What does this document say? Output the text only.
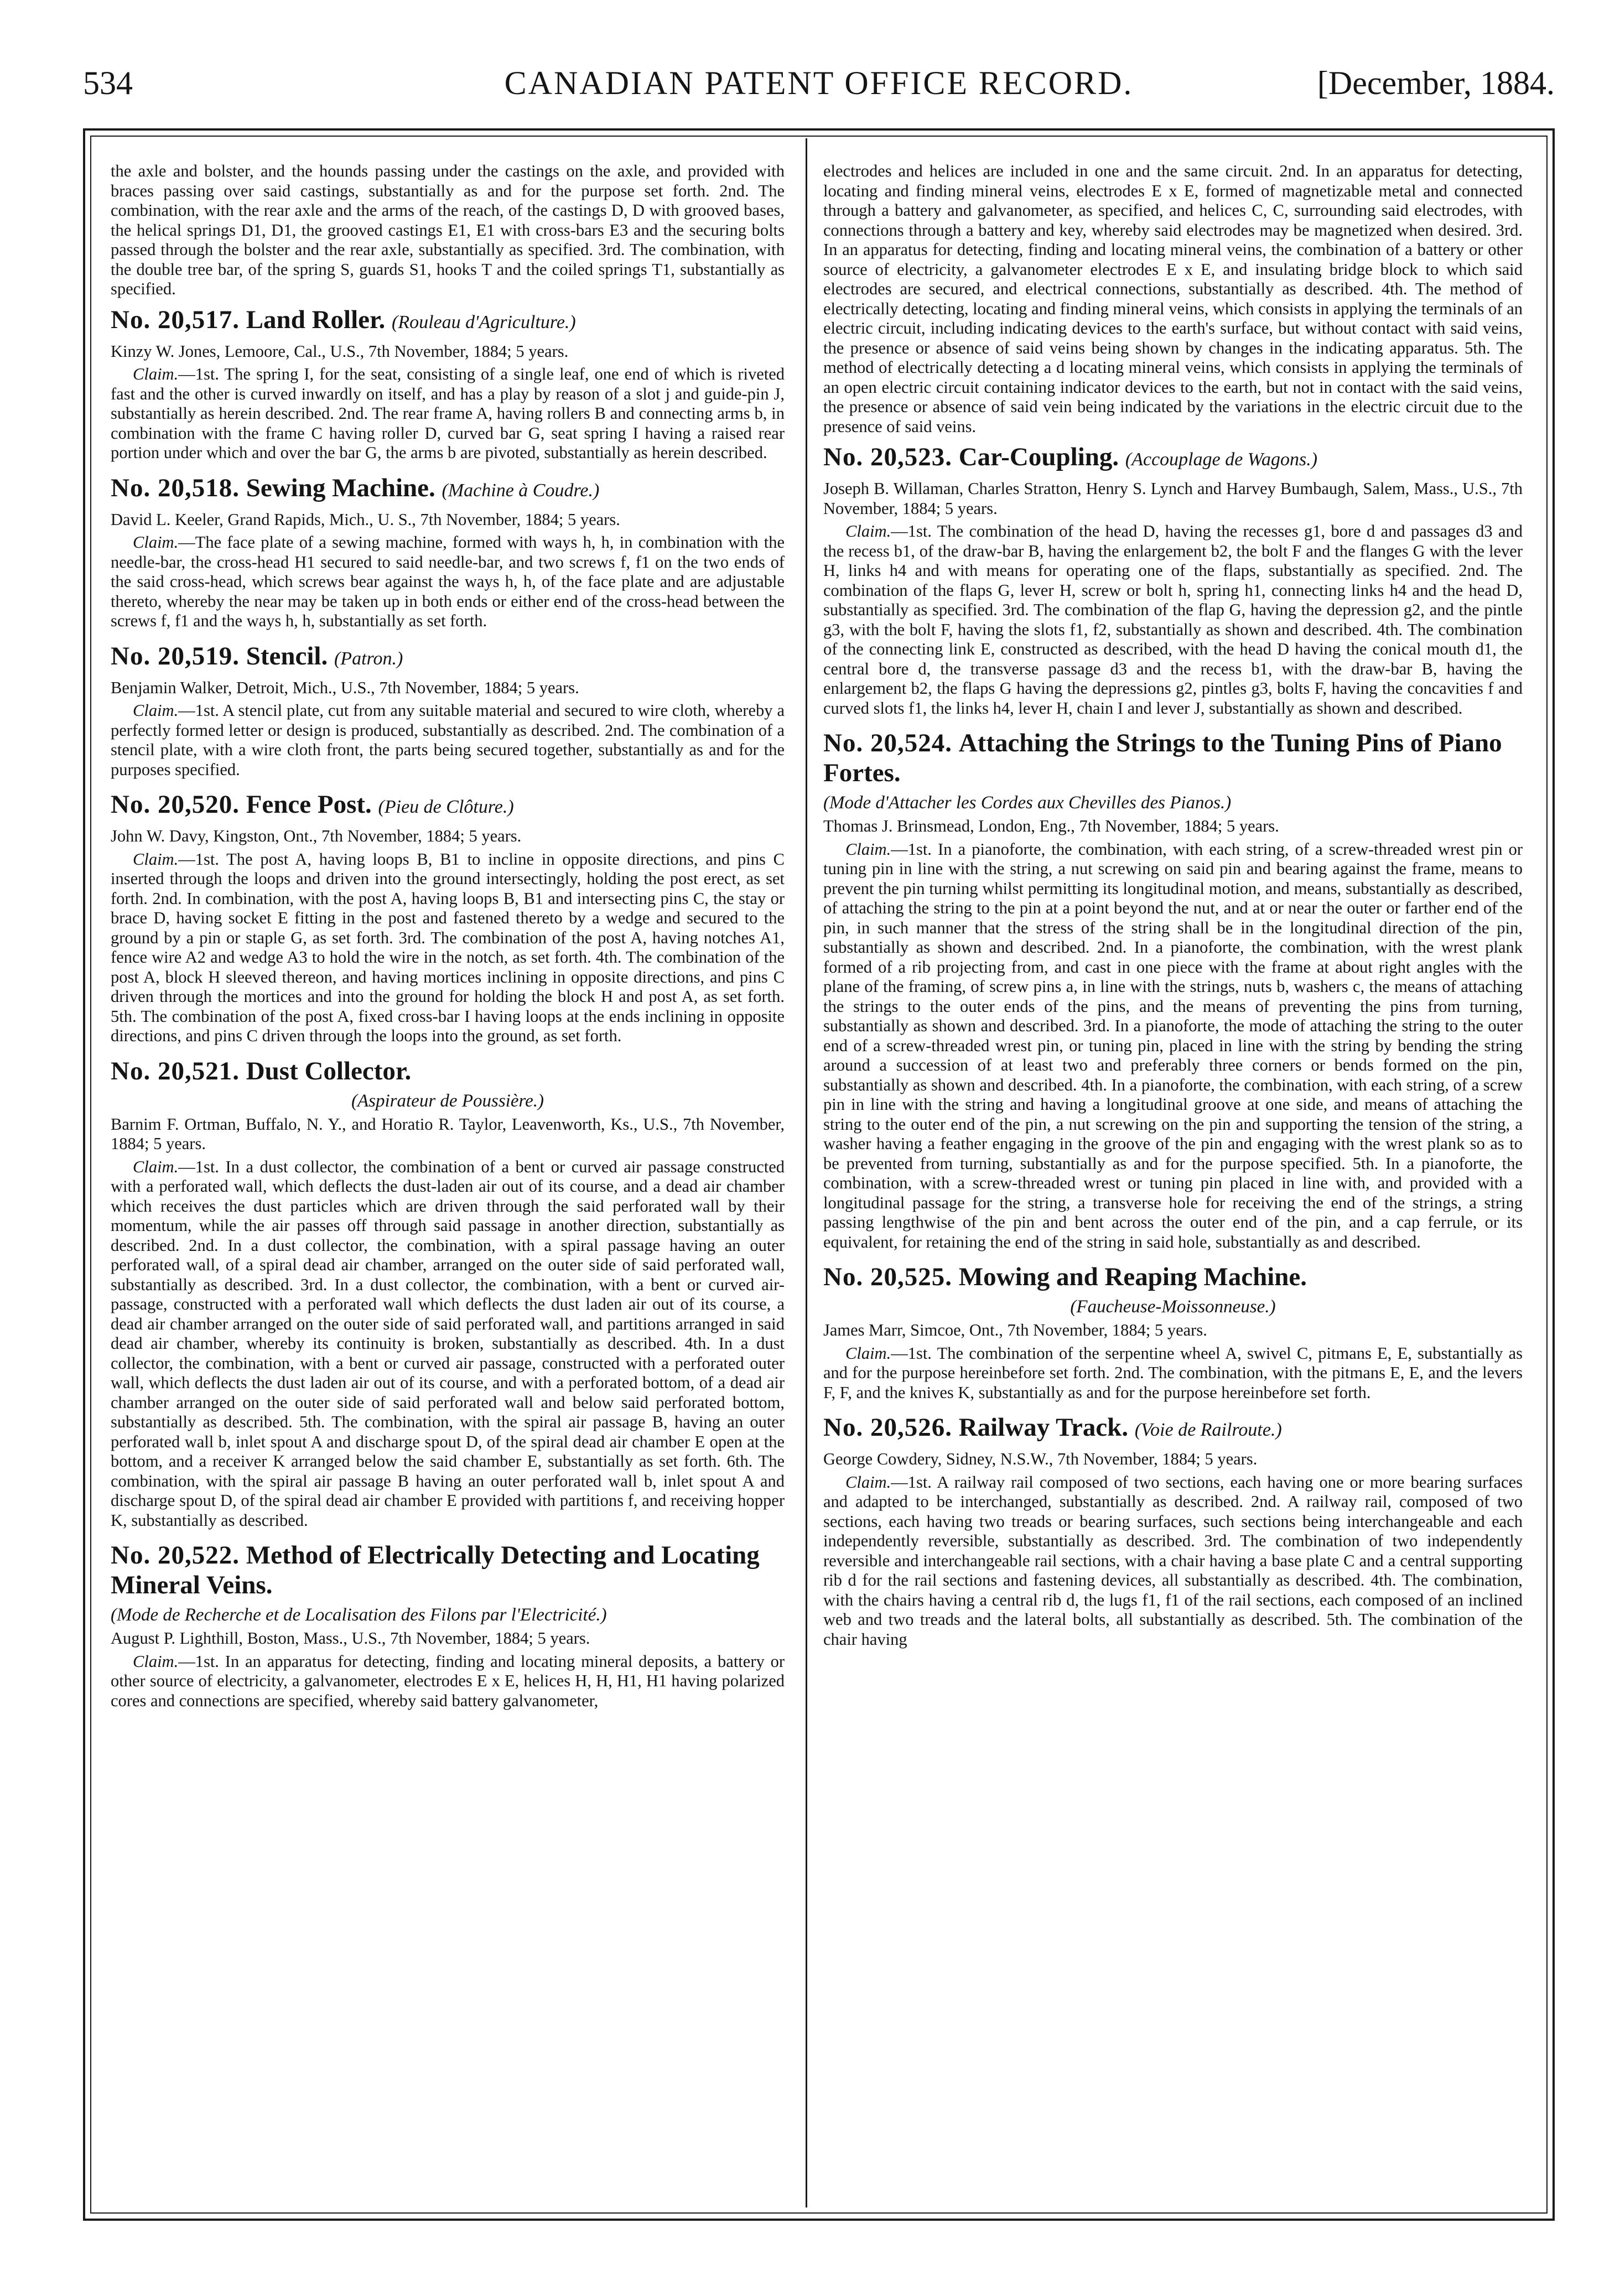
534	CANADIAN PATENT OFFICE RECORD.	[December, 1884.

the axle and bolster, and the hounds passing under the castings on the axle, and provided with braces passing over said castings, substantially as and for the purpose set forth. 2nd. The combination, with the rear axle and the arms of the reach, of the castings D, D with grooved bases, the helical springs D1, D1, the grooved castings E1, E1 with cross-bars E3 and the securing bolts passed through the bolster and the rear axle, substantially as specified. 3rd. The combination, with the double tree bar, of the spring S, guards S1, hooks T and the coiled springs T1, substantially as specified.

No. 20,517. Land Roller. (Rouleau d'Agriculture.)

Kinzy W. Jones, Lemoore, Cal., U.S., 7th November, 1884; 5 years.

Claim.—1st. The spring I, for the seat, consisting of a single leaf, one end of which is riveted fast and the other is curved inwardly on itself, and has a play by reason of a slot j and guide-pin J, substantially as herein described. 2nd. The rear frame A, having rollers B and connecting arms b, in combination with the frame C having roller D, curved bar G, seat spring I having a raised rear portion under which and over the bar G, the arms b are pivoted, substantially as herein described.

No. 20,518. Sewing Machine. (Machine à Coudre.)

David L. Keeler, Grand Rapids, Mich., U. S., 7th November, 1884; 5 years.

Claim.—The face plate of a sewing machine, formed with ways h, h, in combination with the needle-bar, the cross-head H1 secured to said needle-bar, and two screws f, f1 on the two ends of the said cross-head, which screws bear against the ways h, h, of the face plate and are adjustable thereto, whereby the near may be taken up in both ends or either end of the cross-head between the screws f, f1 and the ways h, h, substantially as set forth.

No. 20,519. Stencil. (Patron.)

Benjamin Walker, Detroit, Mich., U.S., 7th November, 1884; 5 years.

Claim.—1st. A stencil plate, cut from any suitable material and secured to wire cloth, whereby a perfectly formed letter or design is produced, substantially as described. 2nd. The combination of a stencil plate, with a wire cloth front, the parts being secured together, substantially as and for the purposes specified.

No. 20,520. Fence Post. (Pieu de Clôture.)

John W. Davy, Kingston, Ont., 7th November, 1884; 5 years.

Claim.—1st. The post A, having loops B, B1 to incline in opposite directions, and pins C inserted through the loops and driven into the ground intersectingly, holding the post erect, as set forth. 2nd. In combination, with the post A, having loops B, B1 and intersecting pins C, the stay or brace D, having socket E fitting in the post and fastened thereto by a wedge and secured to the ground by a pin or staple G, as set forth. 3rd. The combination of the post A, having notches A1, fence wire A2 and wedge A3 to hold the wire in the notch, as set forth. 4th. The combination of the post A, block H sleeved thereon, and having mortices inclining in opposite directions, and pins C driven through the mortices and into the ground for holding the block H and post A, as set forth. 5th. The combination of the post A, fixed cross-bar I having loops at the ends inclining in opposite directions, and pins C driven through the loops into the ground, as set forth.

No. 20,521. Dust Collector.

(Aspirateur de Poussière.)

Barnim F. Ortman, Buffalo, N. Y., and Horatio R. Taylor, Leavenworth, Ks., U.S., 7th November, 1884; 5 years.

Claim.—1st. In a dust collector, the combination of a bent or curved air passage constructed with a perforated wall, which deflects the dust-laden air out of its course, and a dead air chamber which receives the dust particles which are driven through the said perforated wall by their momentum, while the air passes off through said passage in another direction, substantially as described. 2nd. In a dust collector, the combination, with a spiral passage having an outer perforated wall, of a spiral dead air chamber, arranged on the outer side of said perforated wall, substantially as described. 3rd. In a dust collector, the combination, with a bent or curved air-passage, constructed with a perforated wall which deflects the dust laden air out of its course, a dead air chamber arranged on the outer side of said perforated wall, and partitions arranged in said dead air chamber, whereby its continuity is broken, substantially as described. 4th. In a dust collector, the combination, with a bent or curved air passage, constructed with a perforated outer wall, which deflects the dust laden air out of its course, and with a perforated bottom, of a dead air chamber arranged on the outer side of said perforated wall and below said perforated bottom, substantially as described. 5th. The combination, with the spiral air passage B, having an outer perforated wall b, inlet spout A and discharge spout D, of the spiral dead air chamber E open at the bottom, and a receiver K arranged below the said chamber E, substantially as set forth. 6th. The combination, with the spiral air passage B having an outer perforated wall b, inlet spout A and discharge spout D, of the spiral dead air chamber E provided with partitions f, and receiving hopper K, substantially as described.

No. 20,522. Method of Electrically Detecting and Locating Mineral Veins.

(Mode de Recherche et de Localisation des Filons par l'Electricité.)

August P. Lighthill, Boston, Mass., U.S., 7th November, 1884; 5 years.

Claim.—1st. In an apparatus for detecting, finding and locating mineral deposits, a battery or other source of electricity, a galvanometer, electrodes E x E, helices H, H, H1, H1 having polarized cores and connections are specified, whereby said battery galvanometer,

electrodes and helices are included in one and the same circuit. 2nd. In an apparatus for detecting, locating and finding mineral veins, electrodes E x E, formed of magnetizable metal and connected through a battery and galvanometer, as specified, and helices C, C, surrounding said electrodes, with connections through a battery and key, whereby said electrodes may be magnetized when desired. 3rd. In an apparatus for detecting, finding and locating mineral veins, the combination of a battery or other source of electricity, a galvanometer electrodes E x E, and insulating bridge block to which said electrodes are secured, and electrical connections, substantially as described. 4th. The method of electrically detecting, locating and finding mineral veins, which consists in applying the terminals of an electric circuit, including indicating devices to the earth's surface, but without contact with said veins, the presence or absence of said veins being shown by changes in the indicating apparatus. 5th. The method of electrically detecting a d locating mineral veins, which consists in applying the terminals of an open electric circuit containing indicator devices to the earth, but not in contact with the said veins, the presence or absence of said vein being indicated by the variations in the electric circuit due to the presence of said veins.

No. 20,523. Car-Coupling. (Accouplage de Wagons.)

Joseph B. Willaman, Charles Stratton, Henry S. Lynch and Harvey Bumbaugh, Salem, Mass., U.S., 7th November, 1884; 5 years.

Claim.—1st. The combination of the head D, having the recesses g1, bore d and passages d3 and the recess b1, of the draw-bar B, having the enlargement b2, the bolt F and the flanges G with the lever H, links h4 and with means for operating one of the flaps, substantially as specified. 2nd. The combination of the flaps G, lever H, screw or bolt h, spring h1, connecting links h4 and the head D, substantially as specified. 3rd. The combination of the flap G, having the depression g2, and the pintle g3, with the bolt F, having the slots f1, f2, substantially as shown and described. 4th. The combination of the connecting link E, constructed as described, with the head D having the conical mouth d1, the central bore d, the transverse passage d3 and the recess b1, with the draw-bar B, having the enlargement b2, the flaps G having the depressions g2, pintles g3, bolts F, having the concavities f and curved slots f1, the links h4, lever H, chain I and lever J, substantially as shown and described.

No. 20,524. Attaching the Strings to the Tuning Pins of Piano Fortes.

(Mode d'Attacher les Cordes aux Chevilles des Pianos.)

Thomas J. Brinsmead, London, Eng., 7th November, 1884; 5 years.

Claim.—1st. In a pianoforte, the combination, with each string, of a screw-threaded wrest pin or tuning pin in line with the string, a nut screwing on said pin and bearing against the frame, means to prevent the pin turning whilst permitting its longitudinal motion, and means, substantially as described, of attaching the string to the pin at a point beyond the nut, and at or near the outer or farther end of the pin, in such manner that the stress of the string shall be in the longitudinal direction of the pin, substantially as shown and described. 2nd. In a pianoforte, the combination, with the wrest plank formed of a rib projecting from, and cast in one piece with the frame at about right angles with the plane of the framing, of screw pins a, in line with the strings, nuts b, washers c, the means of attaching the strings to the outer ends of the pins, and the means of preventing the pins from turning, substantially as shown and described. 3rd. In a pianoforte, the mode of attaching the string to the outer end of a screw-threaded wrest pin, or tuning pin, placed in line with the string by bending the string around a succession of at least two and preferably three corners or bends formed on the pin, substantially as shown and described. 4th. In a pianoforte, the combination, with each string, of a screw pin in line with the string and having a longitudinal groove at one side, and means of attaching the string to the outer end of the pin, a nut screwing on the pin and supporting the tension of the string, a washer having a feather engaging in the groove of the pin and engaging with the wrest plank so as to be prevented from turning, substantially as and for the purpose specified. 5th. In a pianoforte, the combination, with a screw-threaded wrest or tuning pin placed in line with, and provided with a longitudinal passage for the string, a transverse hole for receiving the end of the strings, a string passing lengthwise of the pin and bent across the outer end of the pin, and a cap ferrule, or its equivalent, for retaining the end of the string in said hole, substantially as and described.

No. 20,525. Mowing and Reaping Machine.

(Faucheuse-Moissonneuse.)

James Marr, Simcoe, Ont., 7th November, 1884; 5 years.

Claim.—1st. The combination of the serpentine wheel A, swivel C, pitmans E, E, substantially as and for the purpose hereinbefore set forth. 2nd. The combination, with the pitmans E, E, and the levers F, F, and the knives K, substantially as and for the purpose hereinbefore set forth.

No. 20,526. Railway Track. (Voie de Railroute.)

George Cowdery, Sidney, N.S.W., 7th November, 1884; 5 years.

Claim.—1st. A railway rail composed of two sections, each having one or more bearing surfaces and adapted to be interchanged, substantially as described. 2nd. A railway rail, composed of two sections, each having two treads or bearing surfaces, such sections being interchangeable and each independently reversible, substantially as described. 3rd. The combination of two independently reversible and interchangeable rail sections, with a chair having a base plate C and a central supporting rib d for the rail sections and fastening devices, all substantially as described. 4th. The combination, with the chairs having a central rib d, the lugs f1, f1 of the rail sections, each composed of an inclined web and two treads and the lateral bolts, all substantially as described. 5th. The combination of the chair having
